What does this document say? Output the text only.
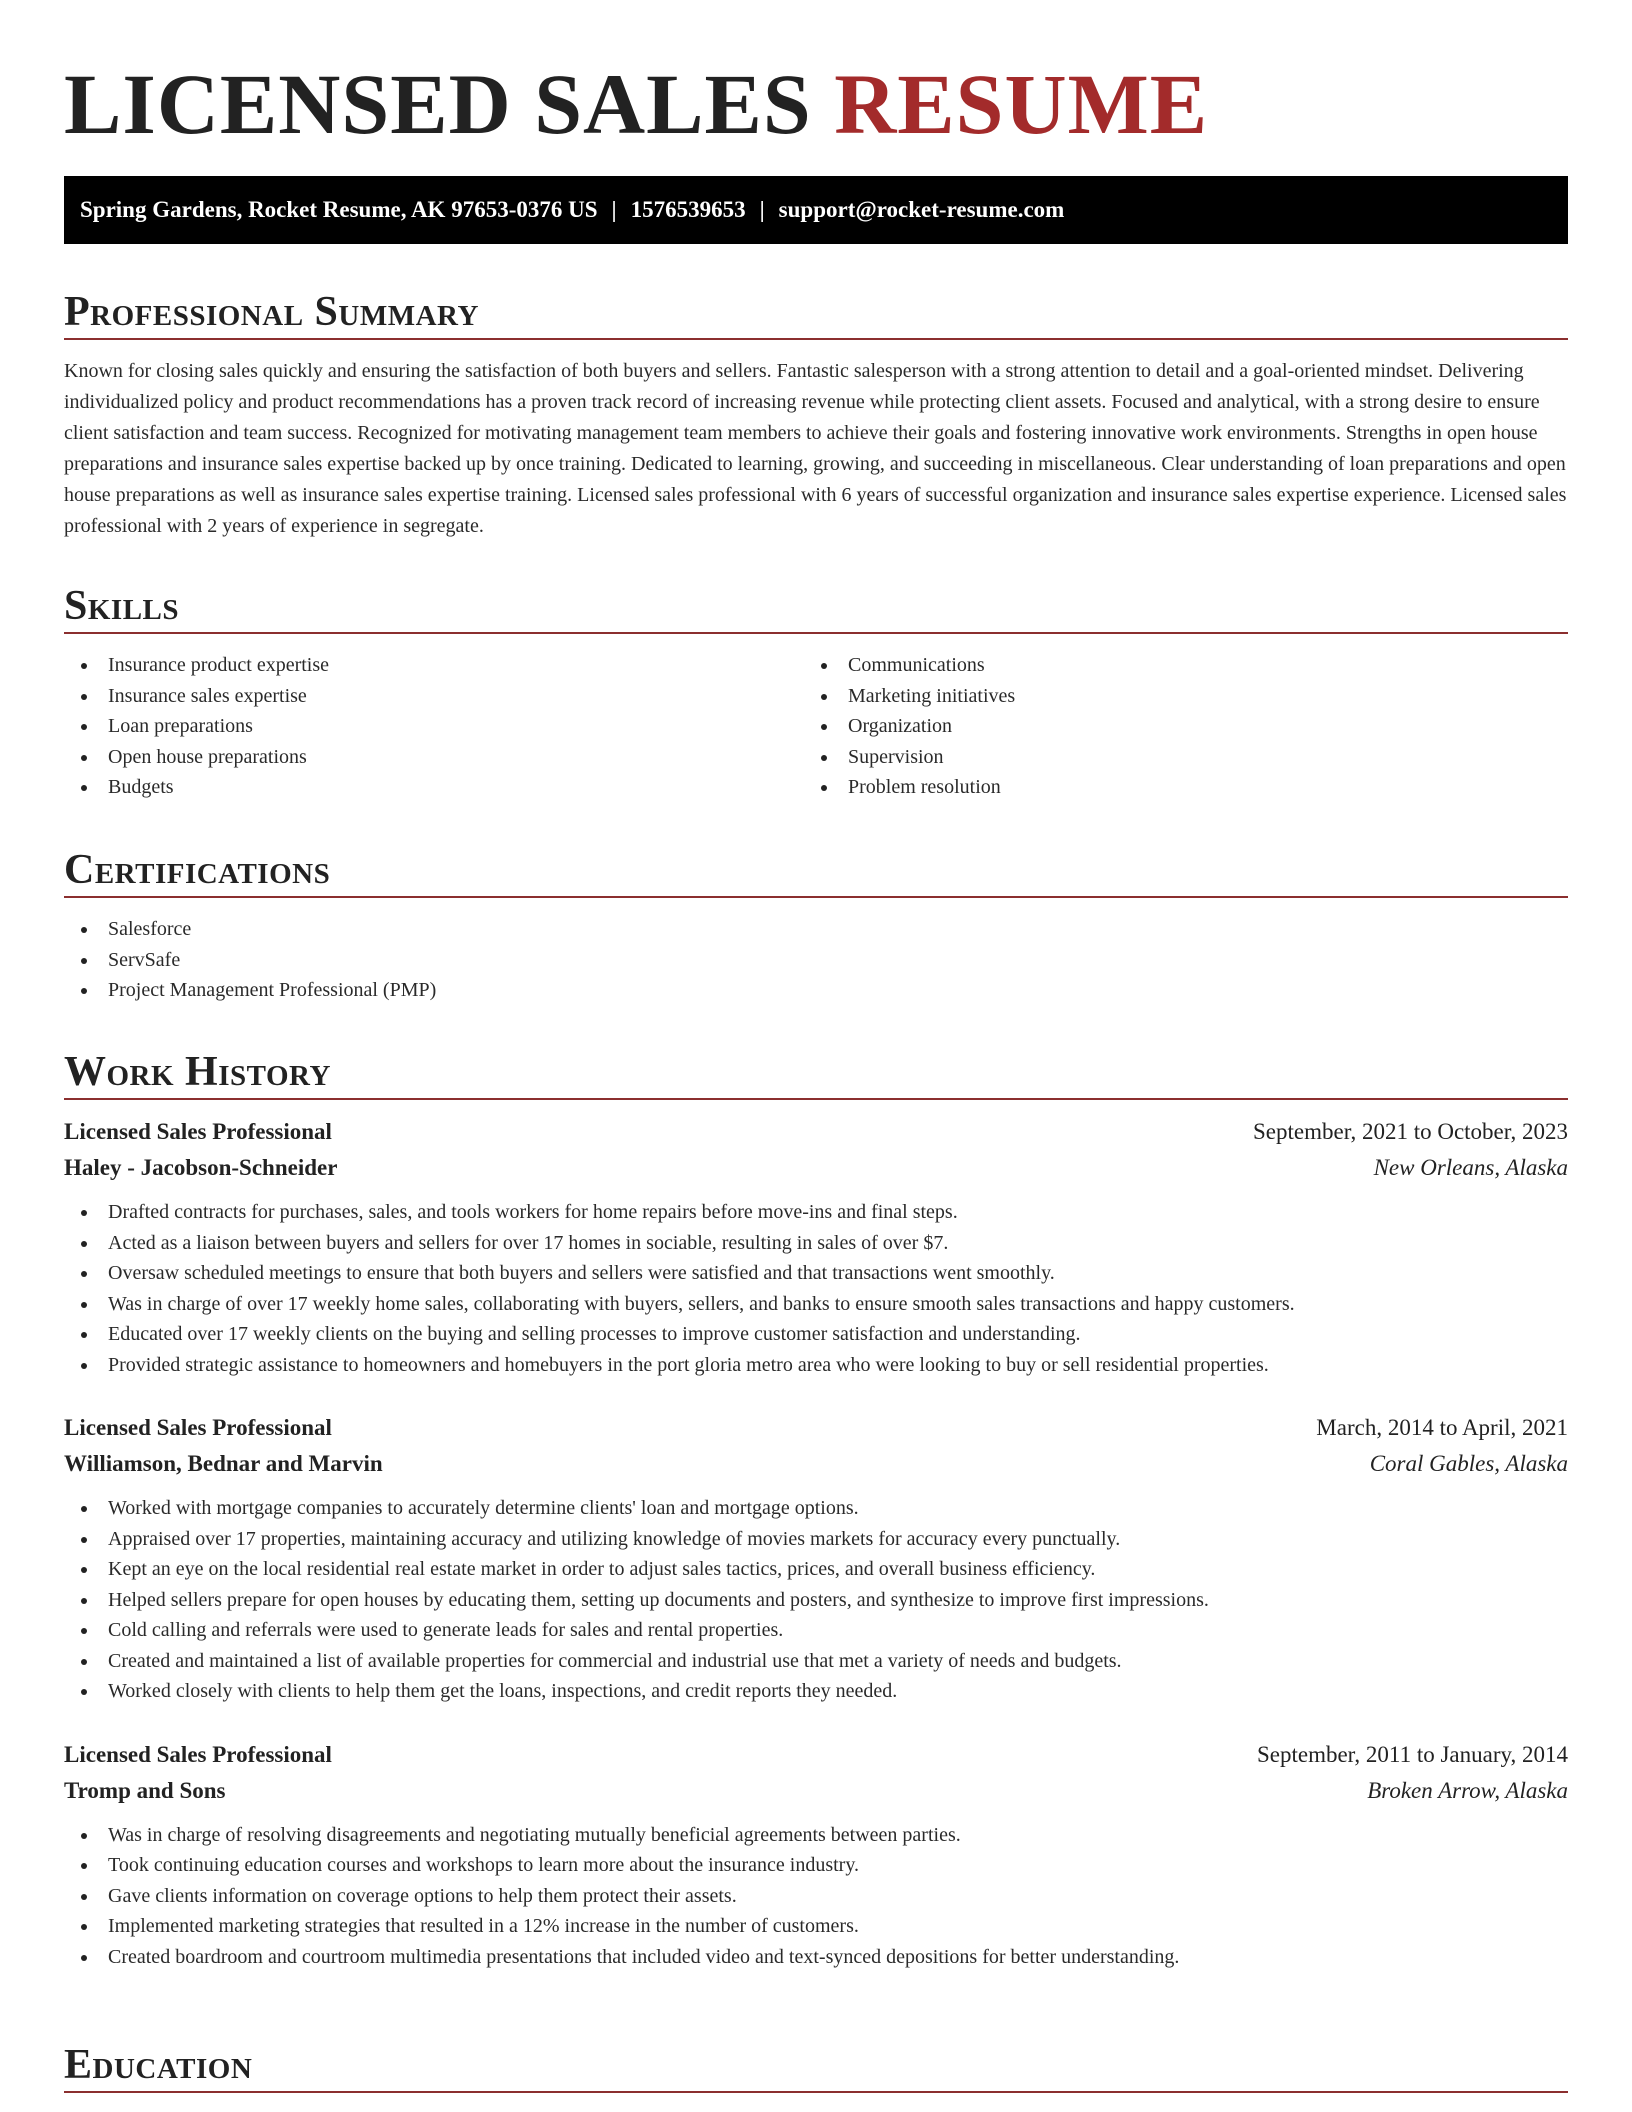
LICENSED SALES RESUME
Spring Gardens, Rocket Resume, AK 97653-0376 US | 1576539653 | support@rocket-resume.com
Professional Summary

Known for closing sales quickly and ensuring the satisfaction of both buyers and sellers. Fantastic salesperson with a strong attention to detail and a goal-oriented mindset. Delivering individualized policy and product recommendations has a proven track record of increasing revenue while protecting client assets. Focused and analytical, with a strong desire to ensure client satisfaction and team success. Recognized for motivating management team members to achieve their goals and fostering innovative work environments. Strengths in open house preparations and insurance sales expertise backed up by once training. Dedicated to learning, growing, and succeeding in miscellaneous. Clear understanding of loan preparations and open house preparations as well as insurance sales expertise training. Licensed sales professional with 6 years of successful organization and insurance sales expertise experience. Licensed sales professional with 2 years of experience in segregate.

Skills
Insurance product expertise
Insurance sales expertise
Loan preparations
Open house preparations
Budgets
Communications
Marketing initiatives
Organization
Supervision
Problem resolution
Certifications
Salesforce
ServSafe
Project Management Professional (PMP)
Work History
Licensed Sales Professional	September, 2021 to October, 2023
Haley - Jacobson-Schneider	New Orleans, Alaska
Drafted contracts for purchases, sales, and tools workers for home repairs before move-ins and final steps.
Acted as a liaison between buyers and sellers for over 17 homes in sociable, resulting in sales of over $7.
Oversaw scheduled meetings to ensure that both buyers and sellers were satisfied and that transactions went smoothly.
Was in charge of over 17 weekly home sales, collaborating with buyers, sellers, and banks to ensure smooth sales transactions and happy customers.
Educated over 17 weekly clients on the buying and selling processes to improve customer satisfaction and understanding.
Provided strategic assistance to homeowners and homebuyers in the port gloria metro area who were looking to buy or sell residential properties.
Licensed Sales Professional	March, 2014 to April, 2021
Williamson, Bednar and Marvin	Coral Gables, Alaska
Worked with mortgage companies to accurately determine clients' loan and mortgage options.
Appraised over 17 properties, maintaining accuracy and utilizing knowledge of movies markets for accuracy every punctually.
Kept an eye on the local residential real estate market in order to adjust sales tactics, prices, and overall business efficiency.
Helped sellers prepare for open houses by educating them, setting up documents and posters, and synthesize to improve first impressions.
Cold calling and referrals were used to generate leads for sales and rental properties.
Created and maintained a list of available properties for commercial and industrial use that met a variety of needs and budgets.
Worked closely with clients to help them get the loans, inspections, and credit reports they needed.
Licensed Sales Professional	September, 2011 to January, 2014
Tromp and Sons	Broken Arrow, Alaska
Was in charge of resolving disagreements and negotiating mutually beneficial agreements between parties.
Took continuing education courses and workshops to learn more about the insurance industry.
Gave clients information on coverage options to help them protect their assets.
Implemented marketing strategies that resulted in a 12% increase in the number of customers.
Created boardroom and courtroom multimedia presentations that included video and text-synced depositions for better understanding.
Education
